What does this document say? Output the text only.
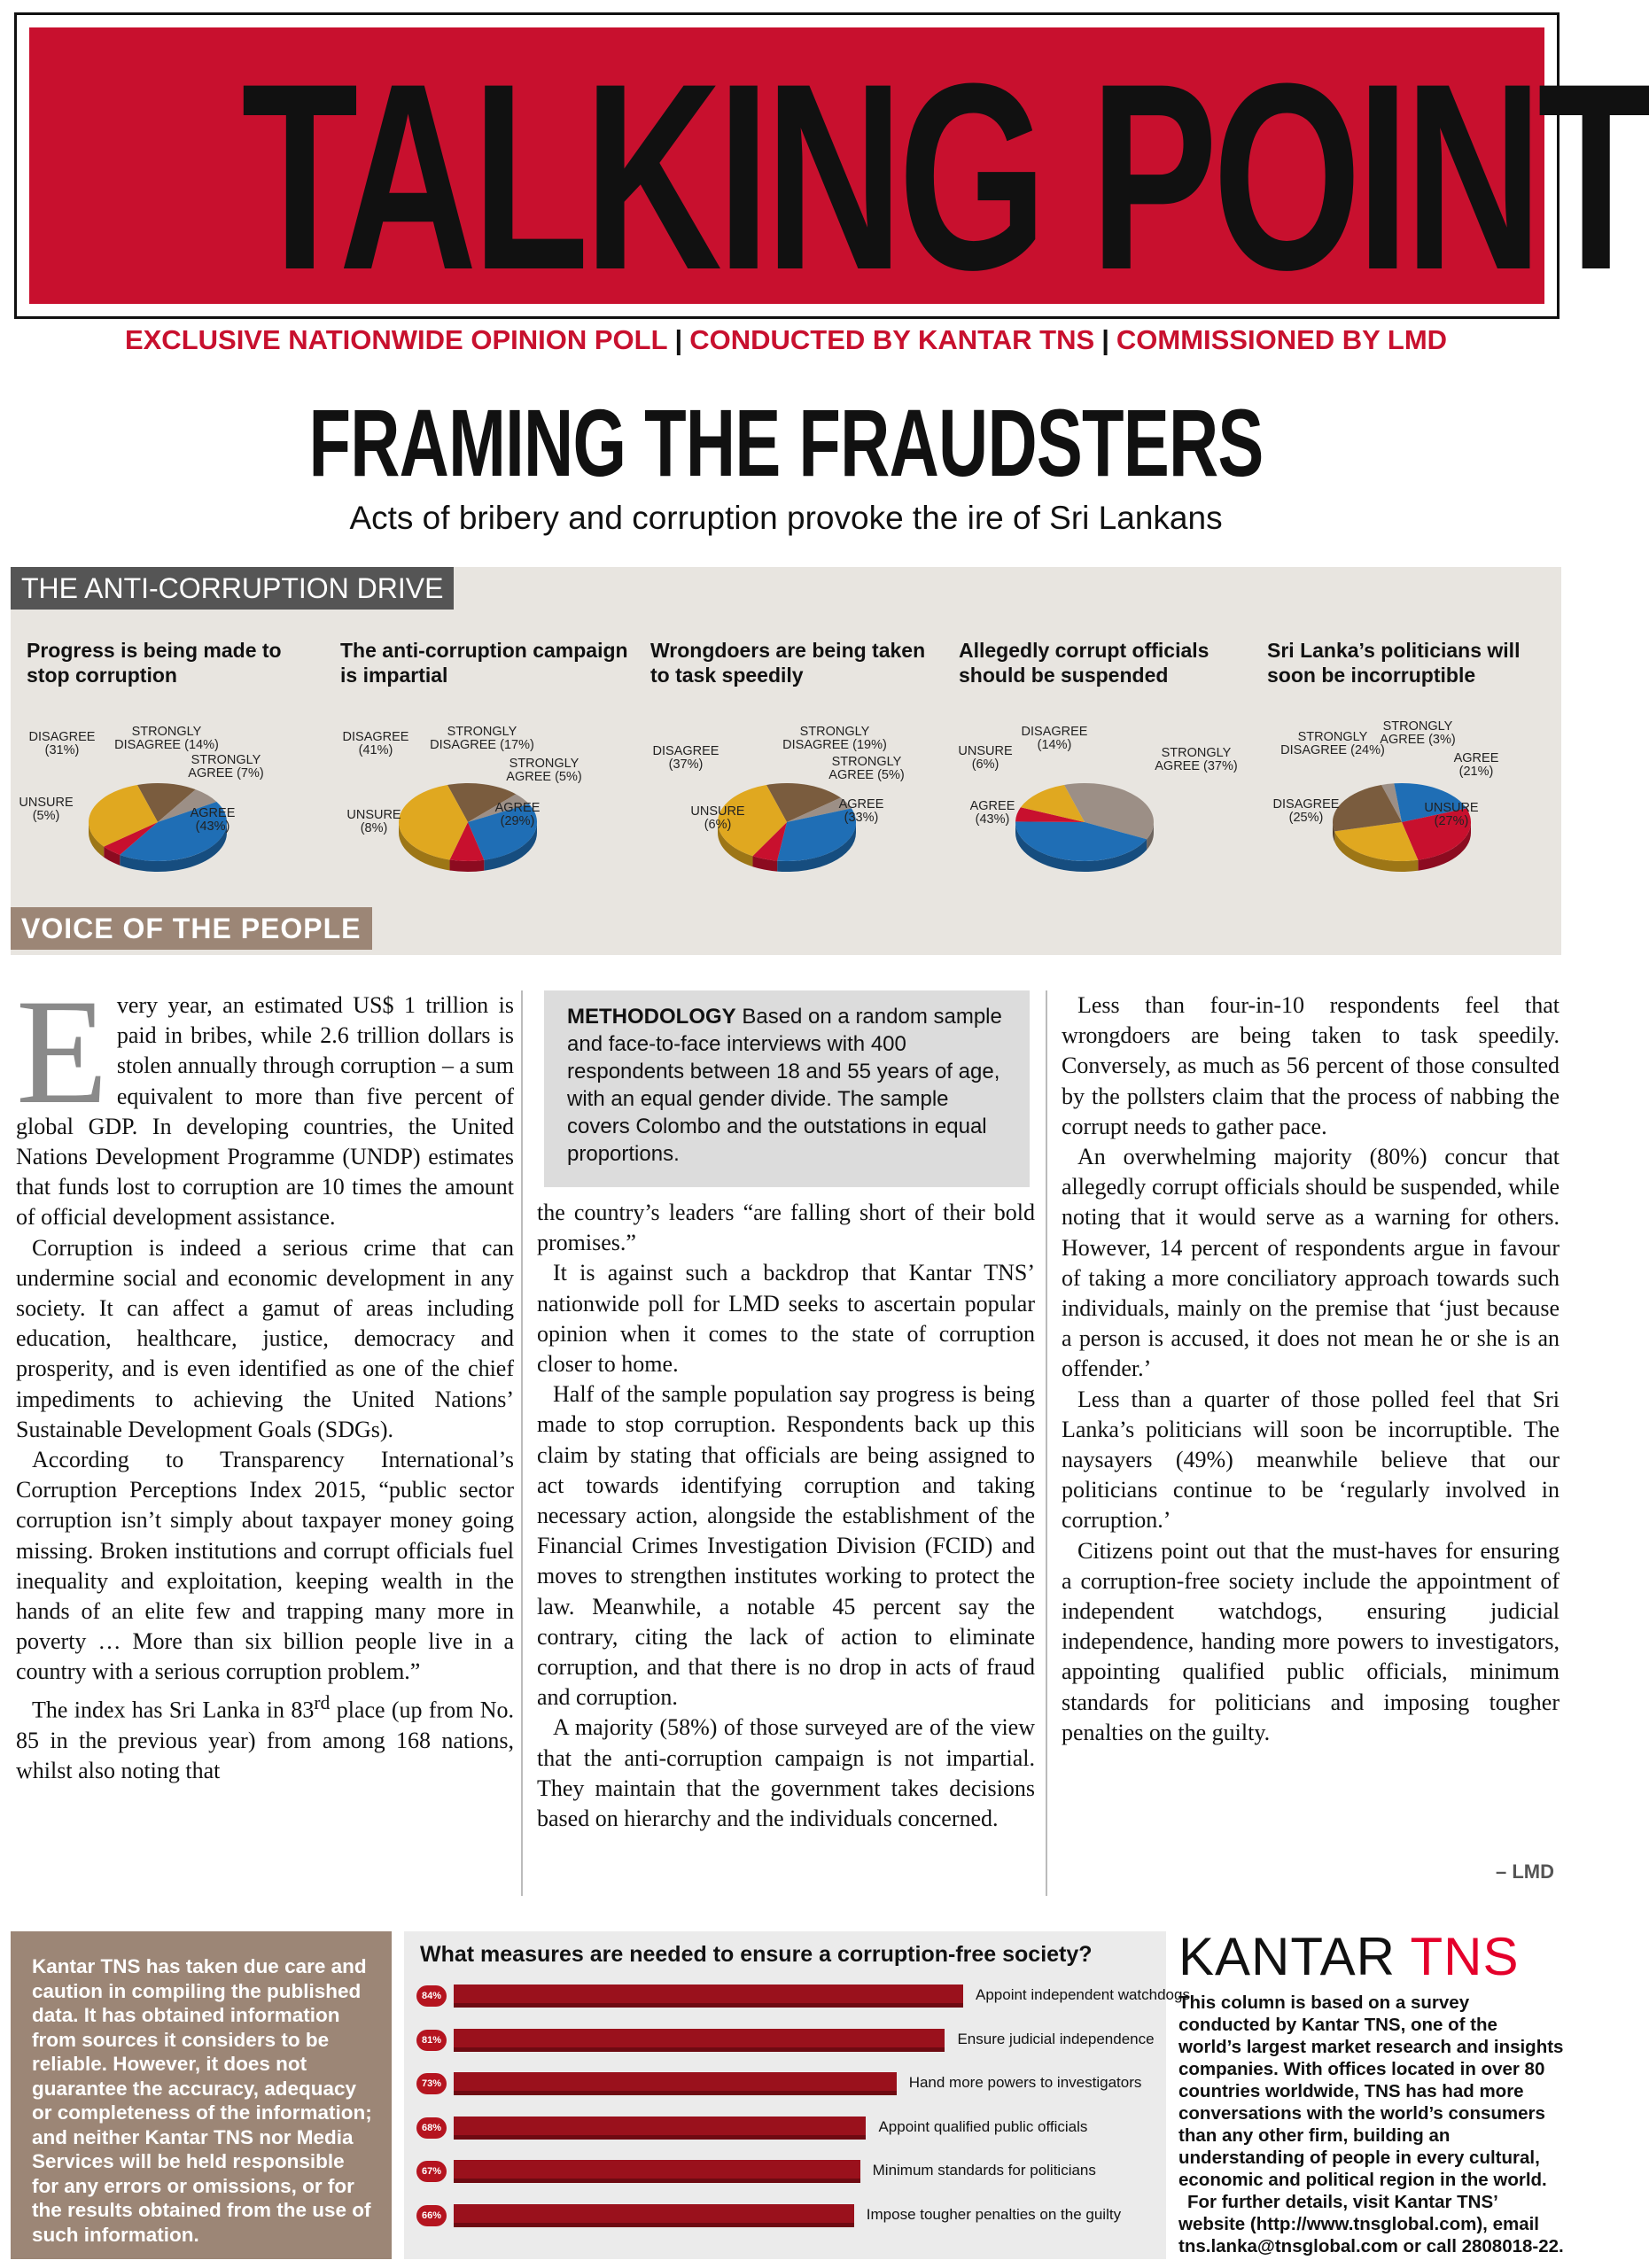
TALKING POINT
EXCLUSIVE NATIONWIDE OPINION POLL | CONDUCTED BY KANTAR TNS | COMMISSIONED BY LMD
FRAMING THE FRAUDSTERS
Acts of bribery and corruption provoke the ire of Sri Lankans
THE ANTI-CORRUPTION DRIVE
Progress is being made to stop corruption
DISAGREE (31%)
STRONGLY DISAGREE (14%)
STRONGLY AGREE (7%)
AGREE (43%)
UNSURE (5%)
The anti-corruption campaign is impartial
DISAGREE (41%)
STRONGLY DISAGREE (17%)
STRONGLY AGREE (5%)
AGREE (29%)
UNSURE (8%)
Wrongdoers are being taken to task speedily
DISAGREE (37%)
STRONGLY DISAGREE (19%)
STRONGLY AGREE (5%)
AGREE (33%)
UNSURE (6%)
Allegedly corrupt officials should be suspended
DISAGREE (14%)
STRONGLY AGREE (37%)
AGREE (43%)
UNSURE (6%)
Sri Lanka’s politicians will soon be incorruptible
STRONGLY DISAGREE (24%)
STRONGLY AGREE (3%)
AGREE (21%)
UNSURE (27%)
DISAGREE (25%)
VOICE OF THE PEOPLE

Every year, an estimated US$ 1 trillion is paid in bribes, while 2.6 trillion dollars is stolen annually through corruption – a sum equivalent to more than five percent of global GDP. In developing countries, the United Nations Development Programme (UNDP) estimates that funds lost to corruption are 10 times the amount of official development assistance.

Corruption is indeed a serious crime that can undermine social and economic development in any society. It can affect a gamut of areas including education, healthcare, justice, democracy and prosperity, and is even identified as one of the chief impediments to achieving the United Nations’ Sustainable Development Goals (SDGs).

According to Transparency International’s Corruption Perceptions Index 2015, “public sector corruption isn’t simply about taxpayer money going missing. Broken institutions and corrupt officials fuel inequality and exploitation, keeping wealth in the hands of an elite few and trapping many more in poverty … More than six billion people live in a country with a serious corruption problem.”

The index has Sri Lanka in 83rd place (up from No. 85 in the previous year) from among 168 nations, whilst also noting that

METHODOLOGY Based on a random sample and face-to-face interviews with 400 respondents between 18 and 55 years of age, with an equal gender divide. The sample covers Colombo and the outstations in equal proportions.

the country’s leaders “are falling short of their bold promises.”

It is against such a backdrop that Kantar TNS’ nationwide poll for LMD seeks to ascertain popular opinion when it comes to the state of corruption closer to home.

Half of the sample population say progress is being made to stop corruption. Respondents back up this claim by stating that officials are being assigned to act towards identifying corruption and taking necessary action, alongside the establishment of the Financial Crimes Investigation Division (FCID) and moves to strengthen institutes working to protect the law. Meanwhile, a notable 45 percent say the contrary, citing the lack of action to eliminate corruption, and that there is no drop in acts of fraud and corruption.

A majority (58%) of those surveyed are of the view that the anti-corruption campaign is not impartial. They maintain that the government takes decisions based on hierarchy and the individuals concerned.

Less than four-in-10 respondents feel that wrongdoers are being taken to task speedily. Conversely, as much as 56 percent of those consulted by the pollsters claim that the process of nabbing the corrupt needs to gather pace.

An overwhelming majority (80%) concur that allegedly corrupt officials should be suspended, while noting that it would serve as a warning for others. However, 14 percent of respondents argue in favour of taking a more conciliatory approach towards such individuals, mainly on the premise that ‘just because a person is accused, it does not mean he or she is an offender.’

Less than a quarter of those polled feel that Sri Lanka’s politicians will soon be incorruptible. The naysayers (49%) meanwhile believe that our politicians continue to be ‘regularly involved in corruption.’

Citizens point out that the must-haves for ensuring a corruption-free society include the appointment of independent watchdogs, ensuring judicial independence, handing more powers to investigators, appointing qualified public officials, minimum standards for politicians and imposing tougher penalties on the guilty.

– LMD
Kantar TNS has taken due care and caution in compiling the published data. It has obtained information from sources it considers to be reliable. However, it does not guarantee the accuracy, adequacy or completeness of the information; and neither Kantar TNS nor Media Services will be held responsible for any errors or omissions, or for the results obtained from the use of such information.
What measures are needed to ensure a corruption-free society?
84%	Appoint independent watchdogs
81%	Ensure judicial independence
73%	Hand more powers to investigators
68%	Appoint qualified public officials
67%	Minimum standards for politicians
66%	Impose tougher penalties on the guilty
KANTAR TNS
This column is based on a survey conducted by Kantar TNS, one of the world’s largest market research and insights companies. With offices located in over 80 countries worldwide, TNS has had more conversations with the world’s consumers than any other firm, building an understanding of people in every cultural, economic and political region in the world.
For further details, visit Kantar TNS’ website (http://www.tnsglobal.com), email tns.lanka@tnsglobal.com or call 2808018-22.
